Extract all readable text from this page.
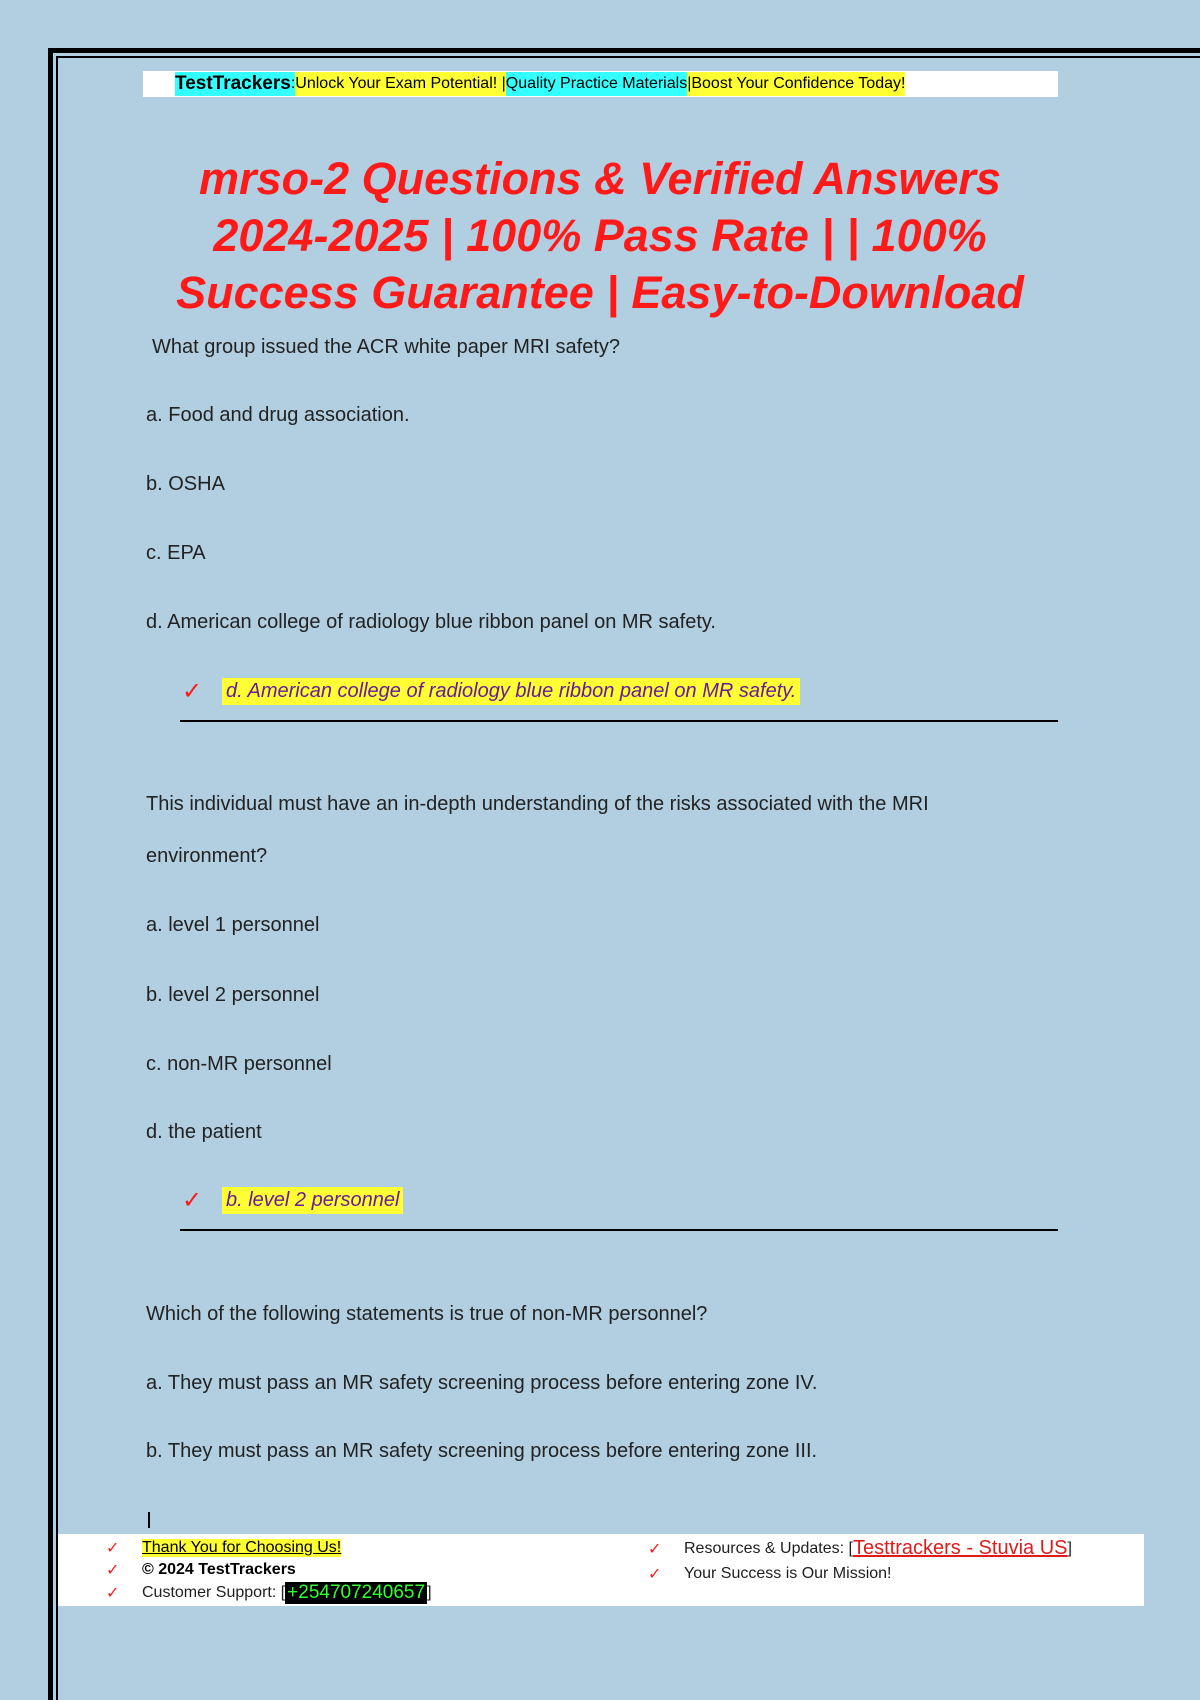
TestTrackers : Unlock Your Exam Potential! | Quality Practice Materials | Boost Your Confidence Today!
mrso-2 Questions & Verified Answers
2024-2025 | 100% Pass Rate | | 100%
Success Guarantee | Easy-to-Download
What group issued the ACR white paper MRI safety?
a. Food and drug association.
b. OSHA
c. EPA
d. American college of radiology blue ribbon panel on MR safety.
✓	d. American college of radiology blue ribbon panel on MR safety.
This individual must have an in-depth understanding of the risks associated with the MRI
environment?
a. level 1 personnel
b. level 2 personnel
c. non-MR personnel
d. the patient
✓	b. level 2 personnel
Which of the following statements is true of non-MR personnel?
a. They must pass an MR safety screening process before entering zone IV.
b. They must pass an MR safety screening process before entering zone III.
✓	Thank You for Choosing Us!
✓	© 2024 TestTrackers
✓	Customer Support: [ +254707240657 ]
✓	Resources & Updates: [ Testtrackers - Stuvia US ]
✓	Your Success is Our Mission!
